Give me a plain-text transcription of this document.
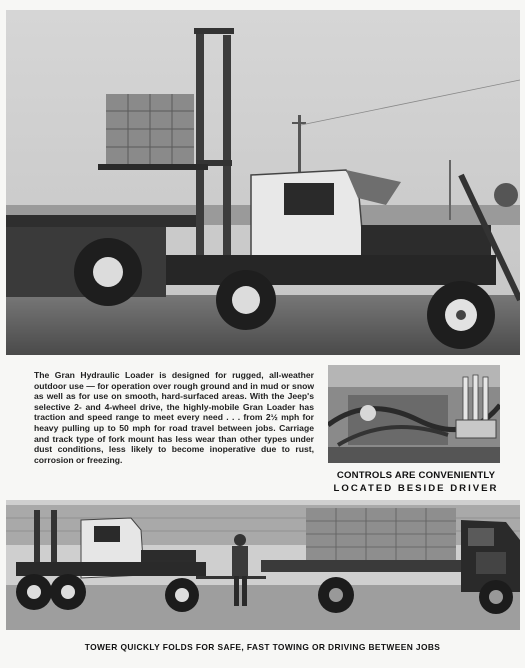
The Gran Hydraulic Loader is designed for rugged, all-weather outdoor use — for operation over rough ground and in mud or snow as well as for use on smooth, hard-surfaced areas. With the Jeep's selective 2- and 4-wheel drive, the highly-mobile Gran Loader has traction and speed range to meet every need . . . from 2½ mph for heavy pulling up to 50 mph for road travel between jobs. Carriage and track type of fork mount has less wear than other types under dust conditions, less likely to become inoperative due to rust, corrosion or freezing.

CONTROLS ARE CONVENIENTLY
LOCATED BESIDE DRIVER
TOWER QUICKLY FOLDS FOR SAFE, FAST TOWING OR DRIVING BETWEEN JOBS
